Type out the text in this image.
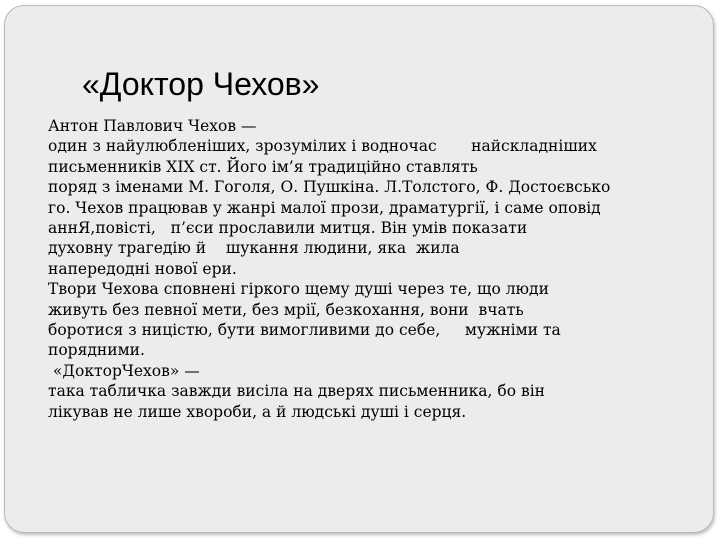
«Доктор Чехов»

Антон Павлович Чехов —
один з найулюбленіших, зрозумілих і водночас       найскладніших
письменників XIX ст. Його ім’я традиційно ставлять
поряд з іменами М. Гоголя, О. Пушкіна. Л.Толстого, Ф. Достоєвсько
го. Чехов працював у жанрі малої прози, драматургії, і саме оповід
аннЯ,повісті,   п’єси прославили митця. Він умів показати
духовну трагедію й    шукання людини, яка  жила
напередодні нової ери.

Твори Чехова сповнені гіркого щему душі через те, що люди
живуть без певної мети, без мрії, безкохання, вони  вчать
боротися з ницістю, бути вимогливими до себе,     мужніми та
порядними.

«ДокторЧехов» —
така табличка завжди висіла на дверях письменника, бо він
лікував не лише хвороби, а й людські душі і серця.
